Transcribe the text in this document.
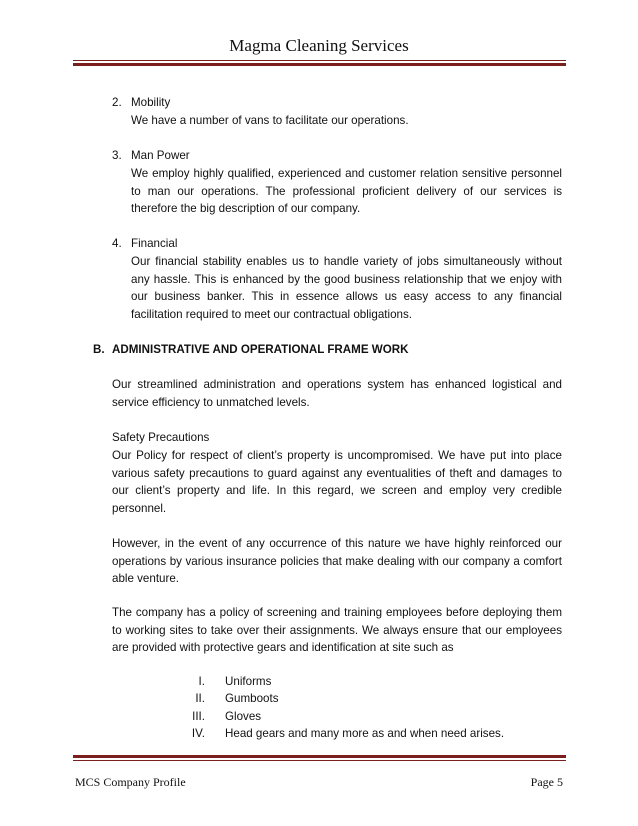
Magma Cleaning Services
2. Mobility
We have a number of vans to facilitate our operations.
3. Man Power
We employ highly qualified, experienced and customer relation sensitive personnel to man our operations. The professional proficient delivery of our services is therefore the big description of our company.
4. Financial
Our financial stability enables us to handle variety of jobs simultaneously without any hassle. This is enhanced by the good business relationship that we enjoy with our business banker. This in essence allows us easy access to any financial facilitation required to meet our contractual obligations.
B. ADMINISTRATIVE AND OPERATIONAL FRAME WORK
Our streamlined administration and operations system has enhanced logistical and service efficiency to unmatched levels.
Safety Precautions
Our Policy for respect of client’s property is uncompromised. We have put into place various safety precautions to guard against any eventualities of theft and damages to our client’s property and life. In this regard, we screen and employ very credible personnel.
However, in the event of any occurrence of this nature we have highly reinforced our operations by various insurance policies that make dealing with our company a comfort able venture.
The company has a policy of screening and training employees before deploying them to working sites to take over their assignments. We always ensure that our employees are provided with protective gears and identification at site such as
I. Uniforms
II. Gumboots
III. Gloves
IV. Head gears and many more as and when need arises.
MCS Company Profile	Page 5
